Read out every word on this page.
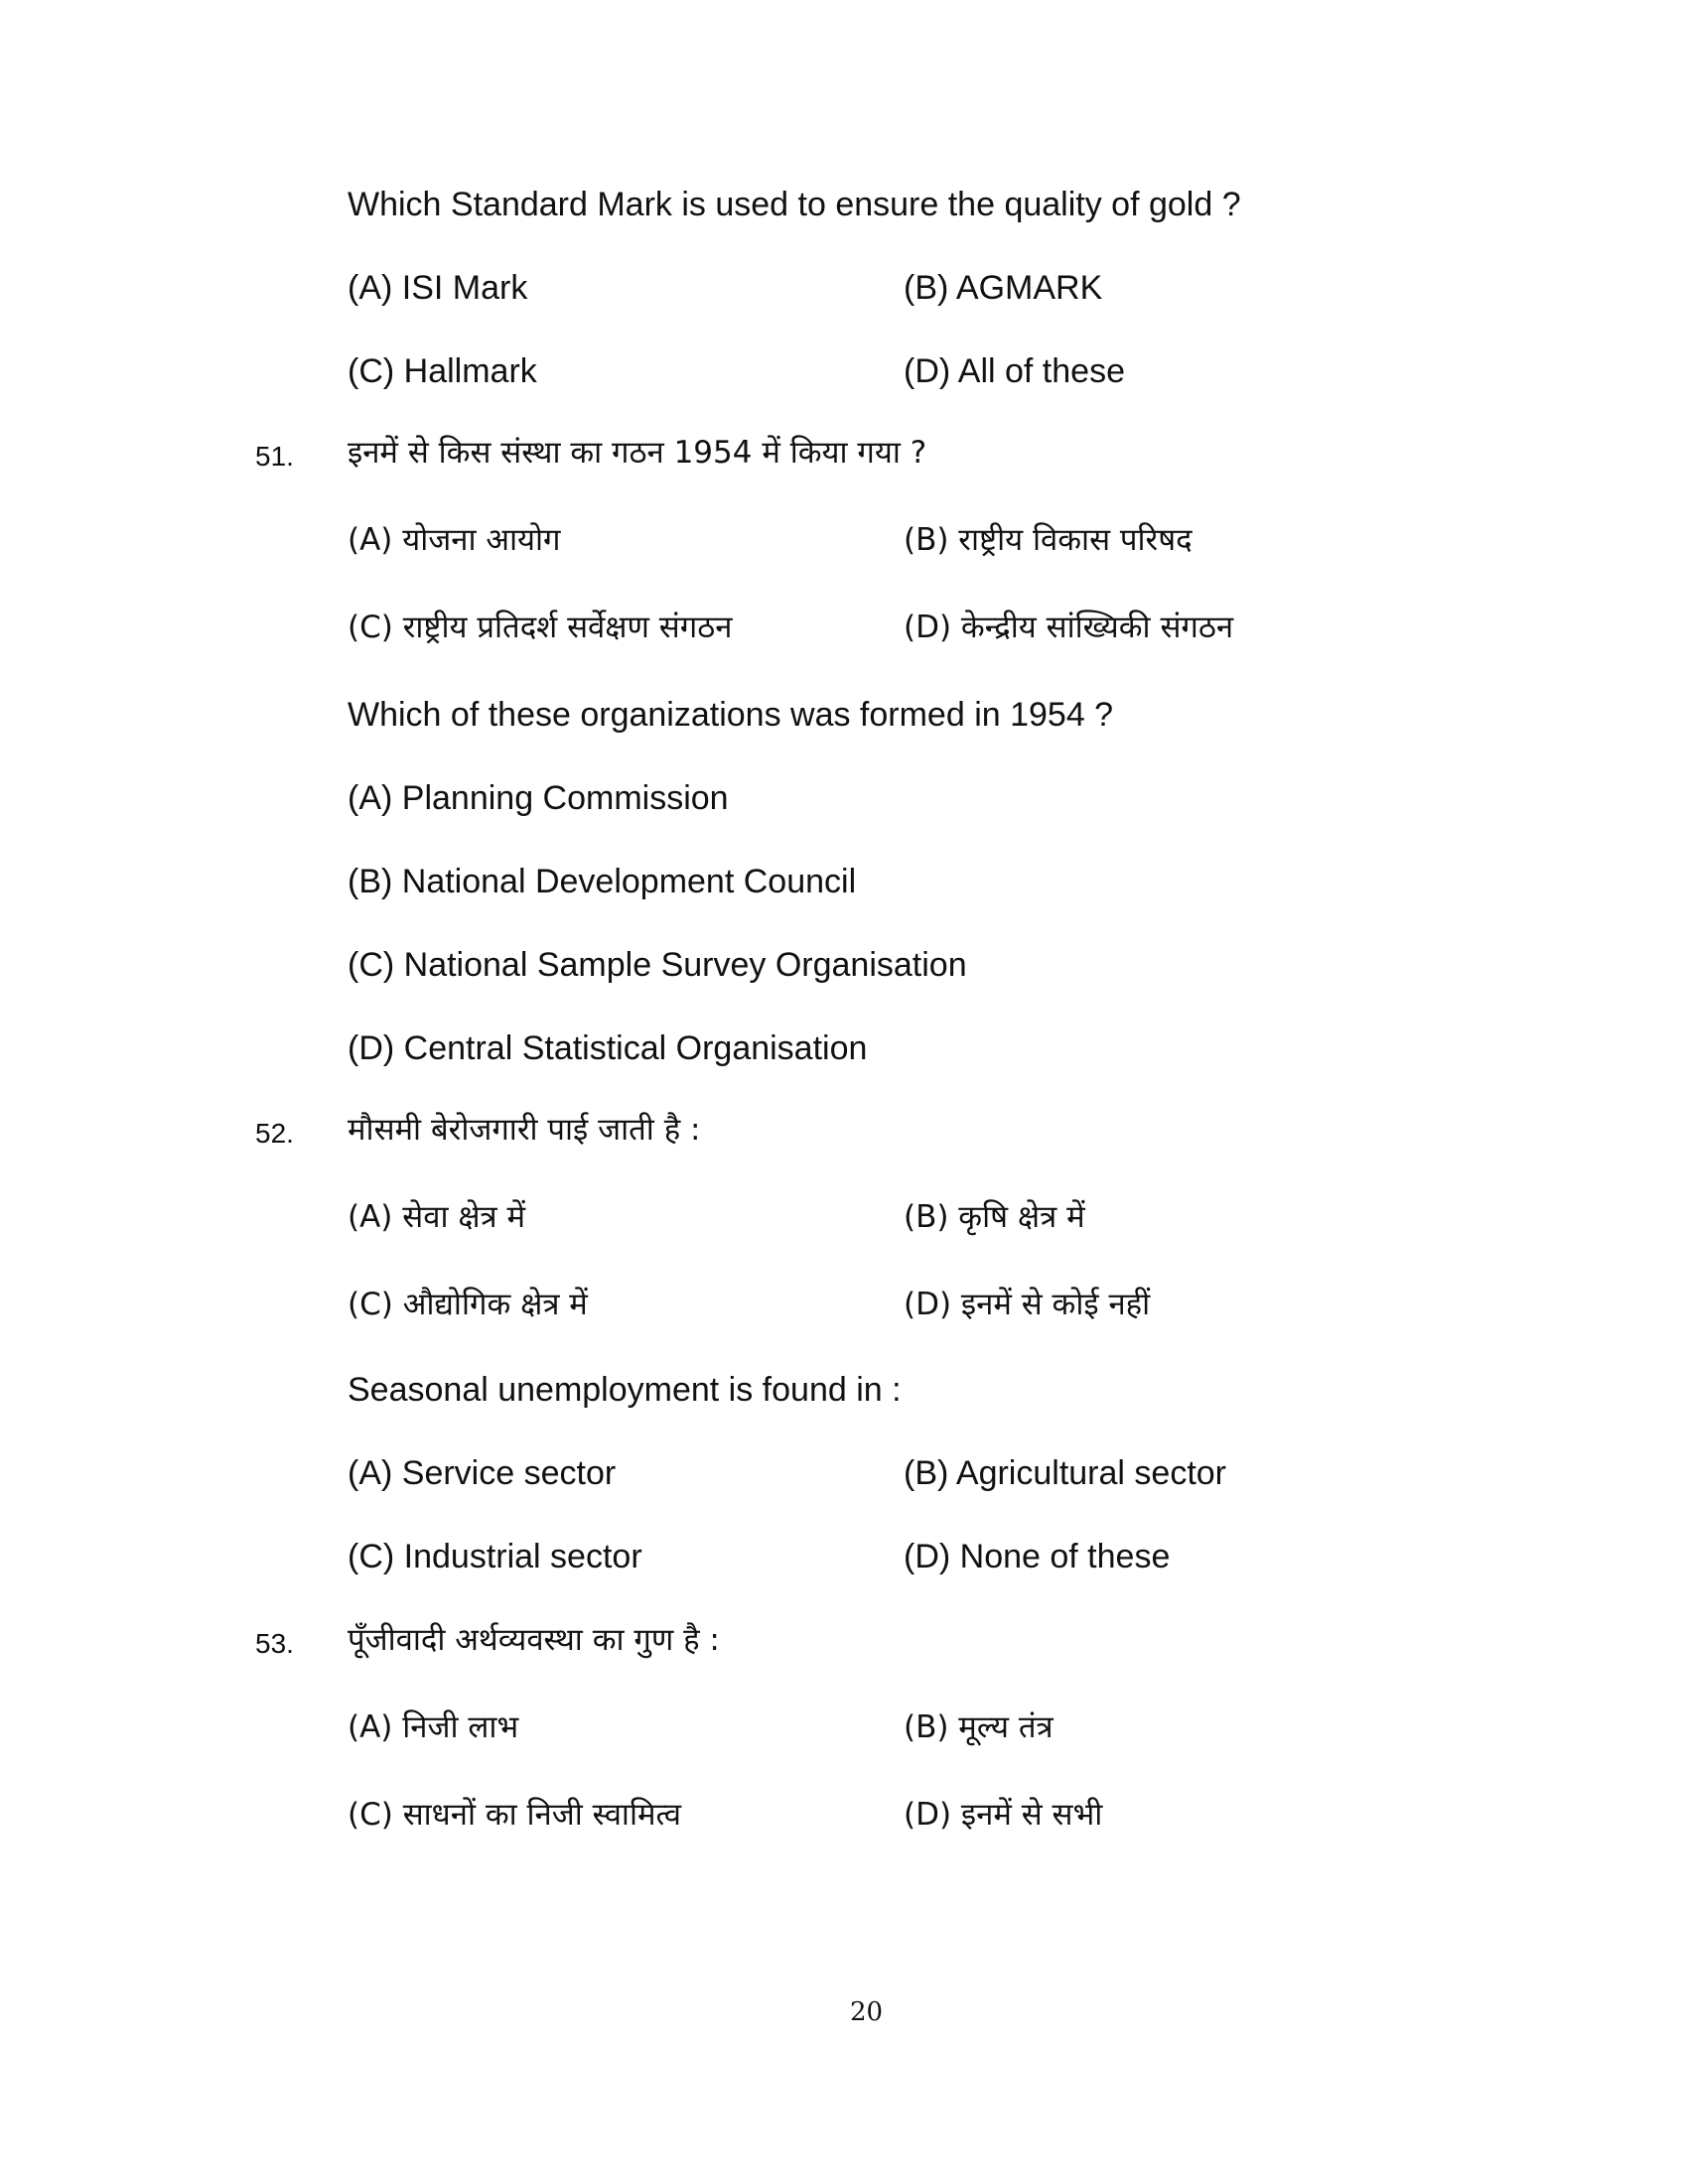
Which Standard Mark is used to ensure the quality of gold ?
(A) ISI Mark	(B) AGMARK
(C) Hallmark	(D) All of these
51. इनमें से किस संस्था का गठन 1954 में किया गया ?
(A) योजना आयोग	(B) राष्ट्रीय विकास परिषद
(C) राष्ट्रीय प्रतिदर्श सर्वेक्षण संगठन	(D) केन्द्रीय सांख्यिकी संगठन
Which of these organizations was formed in 1954 ?
(A) Planning Commission
(B) National Development Council
(C) National Sample Survey Organisation
(D) Central Statistical Organisation
52. मौसमी बेरोजगारी पाई जाती है :
(A) सेवा क्षेत्र में	(B) कृषि क्षेत्र में
(C) औद्योगिक क्षेत्र में	(D) इनमें से कोई नहीं
Seasonal unemployment is found in :
(A) Service sector	(B) Agricultural sector
(C) Industrial sector	(D) None of these
53. पूँजीवादी अर्थव्यवस्था का गुण है :
(A) निजी लाभ	(B) मूल्य तंत्र
(C) साधनों का निजी स्वामित्व	(D) इनमें से सभी
20
